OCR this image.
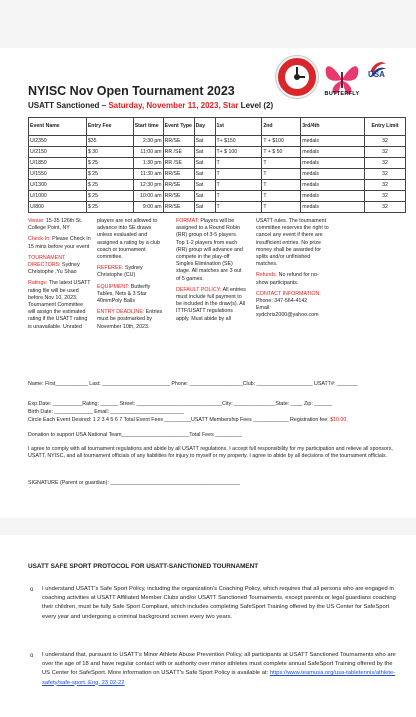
BUTTERFLY
USA
NYISC Nov Open Tournament 2023
USATT Sanctioned – Saturday, November 11, 2023, Star Level (2)
Event Name	Entry Fee	Start time	Event Type	Day	1st	2nd	3rd/4th	Entry Limit
U/2350	$35	2:30 pm	RR/SE	Sat	T+ $150	T + $100	medals	32
U/2150	$ 30	11:00 am	RR /SE	Sat	T+ $ 100	T + $ 50	medals	32
U/1850	$ 25	1:30 pm	RR /SE	Sat	T	T	medals	32
U/1550	$ 25	11:30 am	RR/SE	Sat	T	T	medals	32
U/1300	$ 25	12:30 pm	RR/SE	Sat	T	T	medals	32
U/1000	$ 25	10:00 am	RR/SE	Sat	T	T	medals	32
U/800	$ 25	9:00 am	RR/SE	Sat	T	T	medals	32

Venue: 15-35 126th St. College Point, NY

Check-In: Please Check In 15 mins before your event

TOURNAMENT DIRECTORS: Sydney Christophe ,Yu Shao

Ratings: The latest USATT rating file will be used before Nov 10, 2023. Tournament Committee will assign the estimated rating if the USATT rating is unavailable. Unrated

players are not allowed to advance into SE draws unless evaluated and assigned a rating by a club coach or tournament committee.

REFEREE: Sydney Christophe (CU)

EQUIPMENT: Butterfly Tables, Nets & 3 Star 40mmPoly Balls

ENTRY DEADLINE: Entries must be postmarked by November 10th, 2023.

FORMAT: Players will be assigned to a Round Robin (RR) group of 3-5 players. Top 1-2 players from each (RR) group will advance and compete in the play-off Singles Elimination (SE) stage. All matches are 3 out of 5 games.

DEFAULT POLICY: All entries must include full payment to be included in the draw(s). All ITTF/USATT regulations apply. Must abide by all

USATT rules. The tournament committee reserves the right to cancel any event if there are insufficient entries. No prize money shall be awarded for splits and/or unfinished matches.

Refunds. No refund for no-show participants.

CONTACT INFORMATION:

Phone: 347-564-4142

Email:

sydchris2000@yahoo.com

Name: First___________ Last: _______________________ Phone: __________________Club: ___________________ USATT#: _______
Exp.Date: __________Rating: ______ Street: _____________________________City: ______________State: ____ Zip: ______
Birth Date: _____________ Email: _________________________
Circle Each Event Desired: 1 2 3 4 5 6 7 Total Event Fees _________USATT Membership Fees ____________ Registration fee: $10.00.
Donation to support USA National Team_______________________Total Fees _________
I agree to comply with all tournament regulations and abide by all USATT regulations. I accept full responsibility for my participation and relieve all sponsors, USATT, NYISC, and all tournament officials of any liabilities for injury to myself or my property. I agree to abide by all decisions of the tournament officials.
SIGNATURE (Parent or guardian): ____________________________________________
USATT SAFE SPORT PROTOCOL FOR USATT-SANCTIONED TOURNAMENT
o I understand USATT's Safe Sport Policy, including the organization's Coaching Policy, which requires that all persons who are engaged in coaching activities at USATT Affiliated Member Clubs and/or USATT Sanctioned Tournaments, except parents or legal guardians coaching their children, must be fully Safe Sport Compliant, which includes completing SafeSport Training offered by the US Center for SafeSport every year and undergoing a criminal background screen every two years.
o I understand that, pursuant to USATT's Minor Athlete Abuse Prevention Policy, all participants at USATT Sanctioned Tournaments who are over the age of 18 and have regular contact with or authority over minor athletes must complete annual SafeSport Training offered by the US Center for SafeSport. More information on USATT's Safe Sport Policy is available at: https://www.teamusa.org/usa-tabletennis/athlete-safety/safe-sport. Eng. 23 02-22
